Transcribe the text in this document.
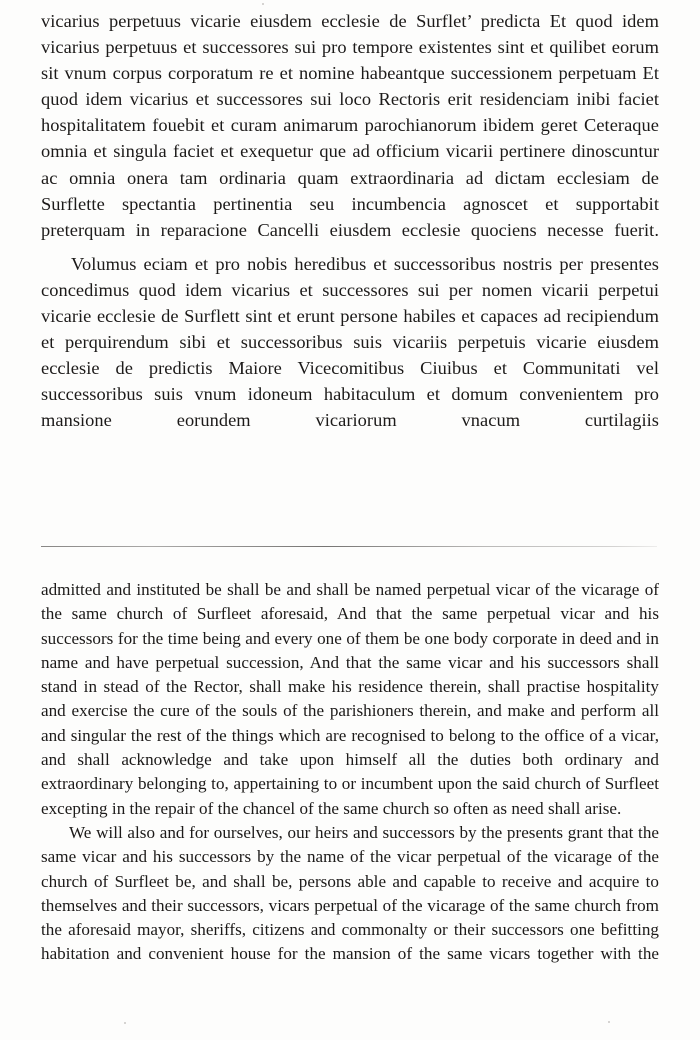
vicarius perpetuus vicarie eiusdem ecclesie de Surflet’ predicta Et quod idem vicarius perpetuus et successores sui pro tempore existentes sint et quilibet eorum sit vnum corpus corporatum re et nomine habeantque successionem perpetuam Et quod idem vicarius et successores sui loco Rectoris erit residenciam inibi faciet hospitalitatem fouebit et curam animarum parochianorum ibidem geret Ceteraque omnia et singula faciet et exequetur que ad officium vicarii pertinere dinoscuntur ac omnia onera tam ordinaria quam extraordinaria ad dictam ecclesiam de Surflette spectantia pertinentia seu incumbencia agnoscet et supportabit preterquam in reparacione Cancelli eiusdem ecclesie quociens necesse fuerit.

Volumus eciam et pro nobis heredibus et successoribus nostris per presentes concedimus quod idem vicarius et successores sui per nomen vicarii perpetui vicarie ecclesie de Surflett sint et erunt persone habiles et capaces ad recipiendum et perquirendum sibi et successoribus suis vicariis perpetuis vicarie eiusdem ecclesie de predictis Maiore Vicecomitibus Ciuibus et Communitati vel successoribus suis vnum idoneum habitaculum et domum convenientem pro mansione eorundem vicariorum vnacum curtilagiis

admitted and instituted be shall be and shall be named perpetual vicar of the vicarage of the same church of Surfleet aforesaid, And that the same perpetual vicar and his successors for the time being and every one of them be one body corporate in deed and in name and have perpetual succession, And that the same vicar and his successors shall stand in stead of the Rector, shall make his residence therein, shall practise hospitality and exercise the cure of the souls of the parishioners therein, and make and perform all and singular the rest of the things which are recognised to belong to the office of a vicar, and shall acknowledge and take upon himself all the duties both ordinary and extraordinary belonging to, appertaining to or incumbent upon the said church of Surfleet excepting in the repair of the chancel of the same church so often as need shall arise.

We will also and for ourselves, our heirs and successors by the presents grant that the same vicar and his successors by the name of the vicar perpetual of the vicarage of the church of Surfleet be, and shall be, persons able and capable to receive and acquire to themselves and their successors, vicars perpetual of the vicarage of the same church from the aforesaid mayor, sheriffs, citizens and commonalty or their successors one befitting habitation and convenient house for the mansion of the same vicars together with the
